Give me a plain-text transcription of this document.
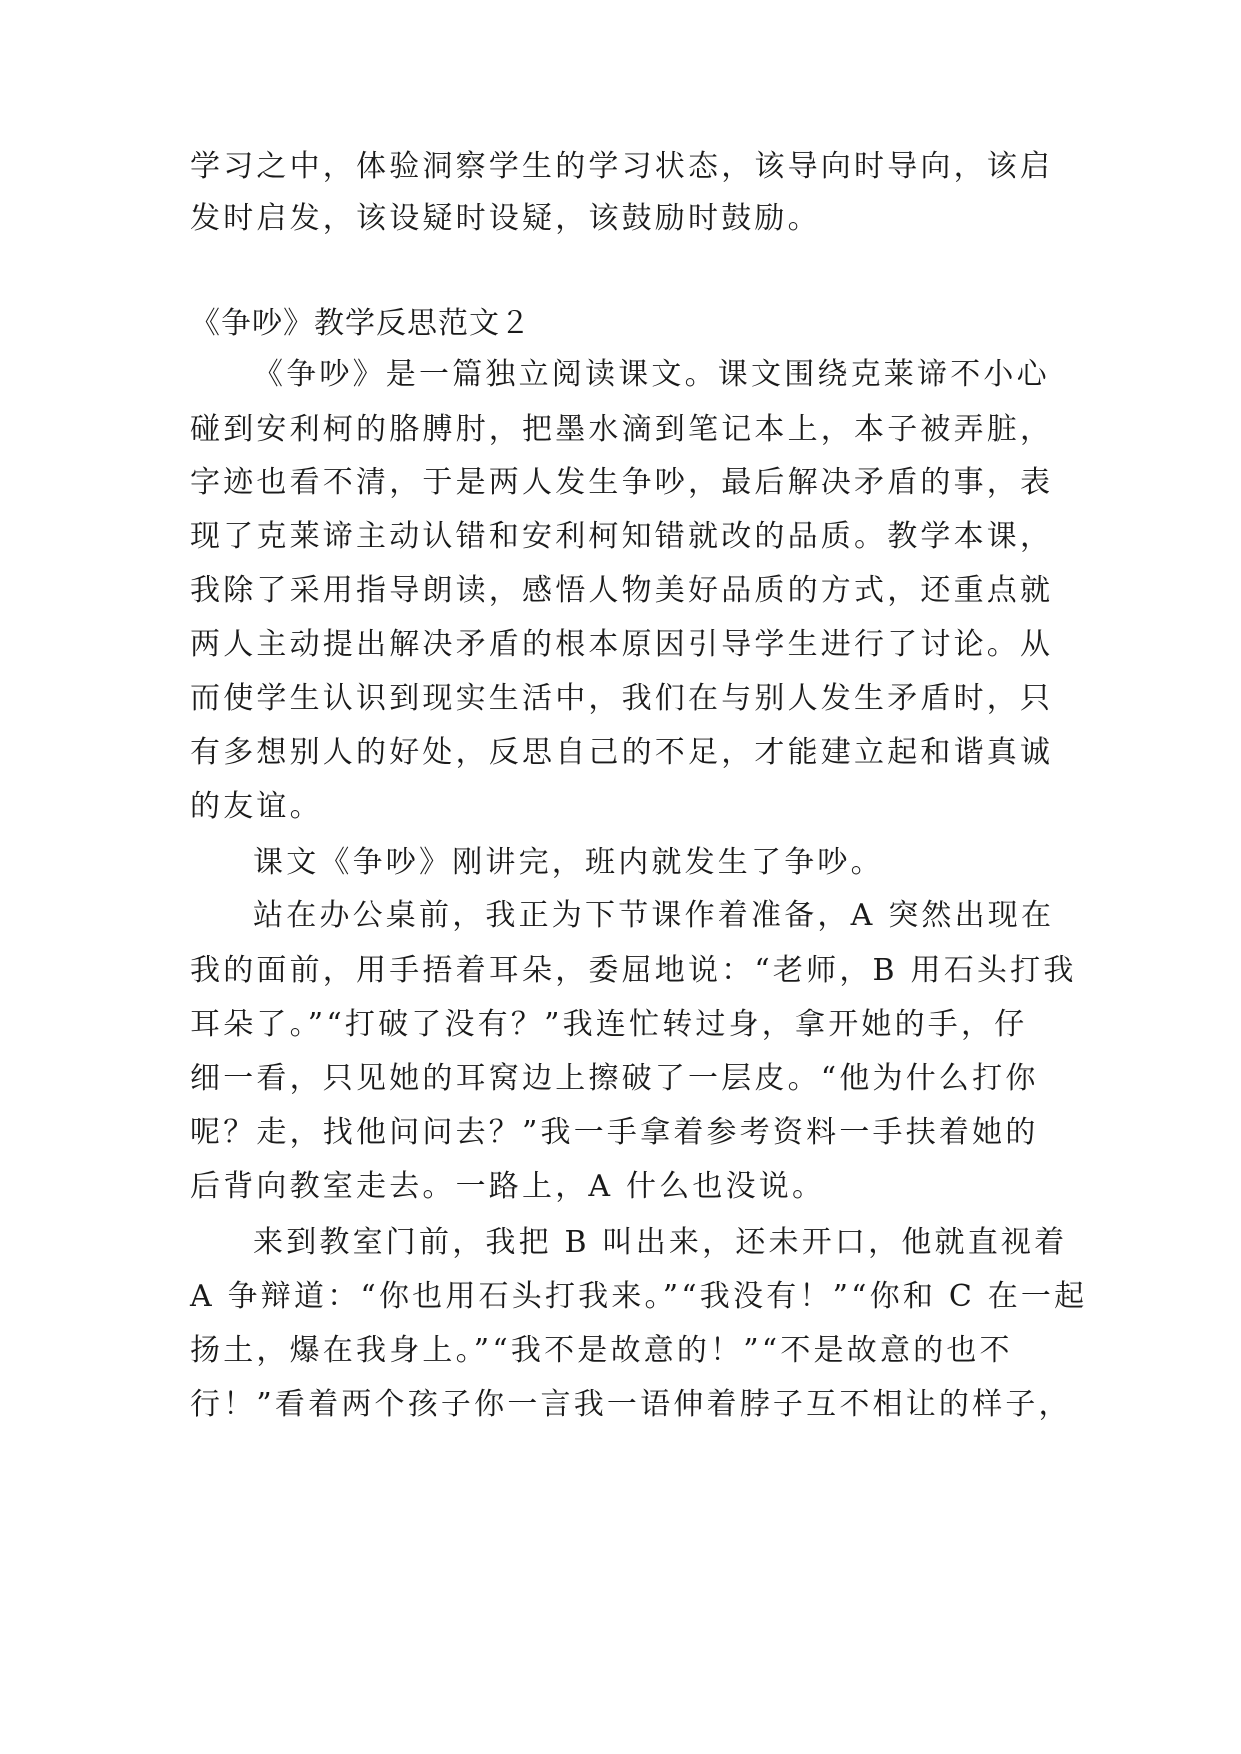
学习之中，体验洞察学生的学习状态，该导向时导向，该启
发时启发，该设疑时设疑，该鼓励时鼓励。
《争吵》教学反思范文２
《争吵》是一篇独立阅读课文。课文围绕克莱谛不小心
碰到安利柯的胳膊肘，把墨水滴到笔记本上，本子被弄脏，
字迹也看不清，于是两人发生争吵，最后解决矛盾的事，表
现了克莱谛主动认错和安利柯知错就改的品质。教学本课，
我除了采用指导朗读，感悟人物美好品质的方式，还重点就
两人主动提出解决矛盾的根本原因引导学生进行了讨论。从
而使学生认识到现实生活中，我们在与别人发生矛盾时，只
有多想别人的好处，反思自己的不足，才能建立起和谐真诚
的友谊。
课文《争吵》刚讲完，班内就发生了争吵。
站在办公桌前，我正为下节课作着准备，A 突然出现在
我的面前，用手捂着耳朵，委屈地说：“老师，B 用石头打我
耳朵了。”“打破了没有？”我连忙转过身，拿开她的手，仔
细一看，只见她的耳窝边上擦破了一层皮。“他为什么打你
呢？走，找他问问去？”我一手拿着参考资料一手扶着她的
后背向教室走去。一路上，A 什么也没说。
来到教室门前，我把 B 叫出来，还未开口，他就直视着
A 争辩道：“你也用石头打我来。”“我没有！”“你和 C 在一起
扬土，爆在我身上。”“我不是故意的！”“不是故意的也不
行！”看着两个孩子你一言我一语伸着脖子互不相让的样子，
